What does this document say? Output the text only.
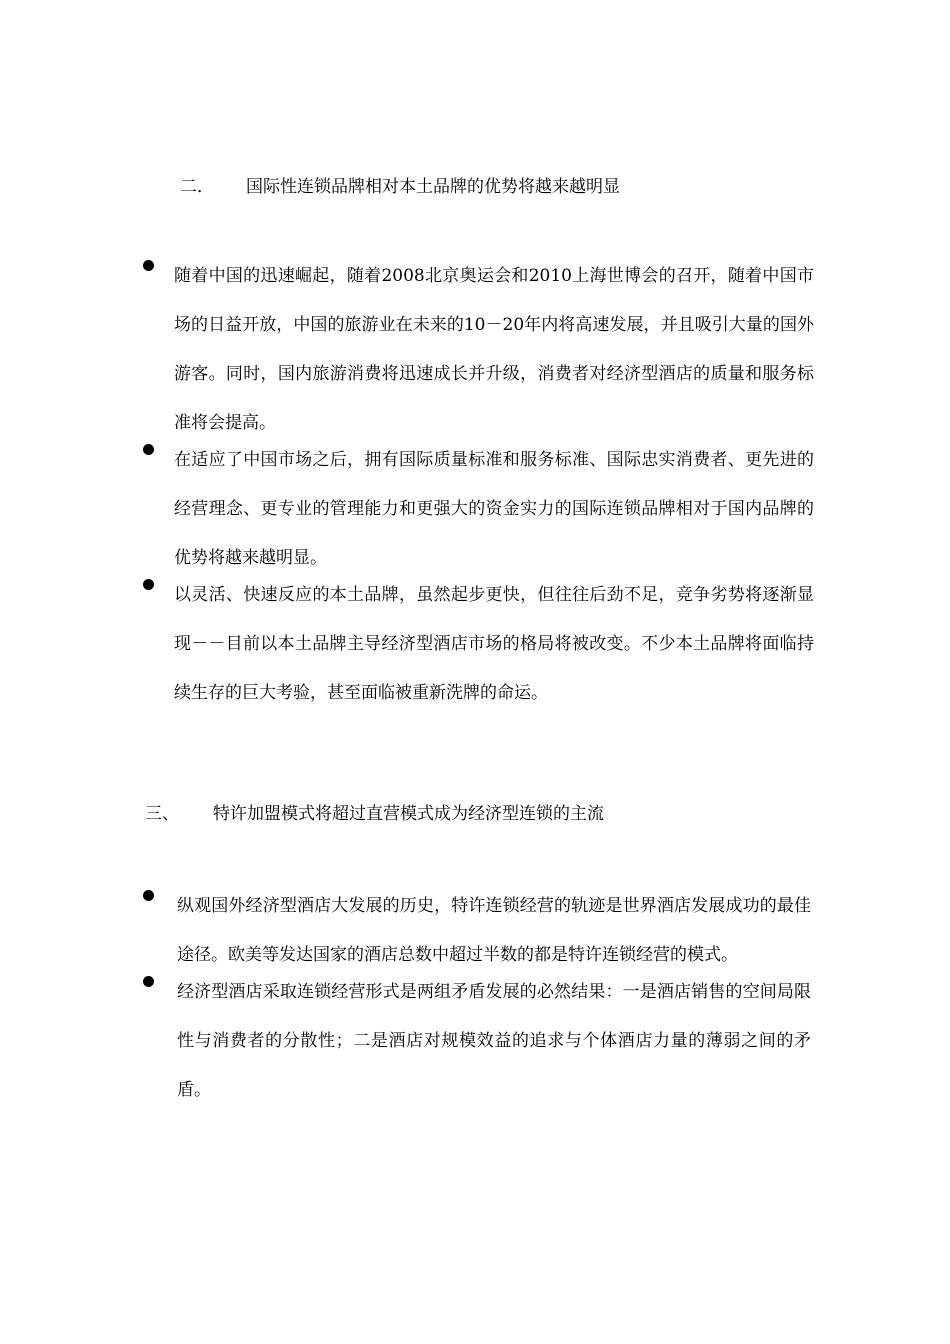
二． 国际性连锁品牌相对本土品牌的优势将越来越明显
随着中国的迅速崛起，随着2008北京奥运会和2010上海世博会的召开，随着中国市场的日益开放，中国的旅游业在未来的10－20年内将高速发展，并且吸引大量的国外游客。同时，国内旅游消费将迅速成长并升级，消费者对经济型酒店的质量和服务标准将会提高。
在适应了中国市场之后，拥有国际质量标准和服务标准、国际忠实消费者、更先进的经营理念、更专业的管理能力和更强大的资金实力的国际连锁品牌相对于国内品牌的优势将越来越明显。
以灵活、快速反应的本土品牌，虽然起步更快，但往往后劲不足，竞争劣势将逐渐显现－－目前以本土品牌主导经济型酒店市场的格局将被改变。不少本土品牌将面临持续生存的巨大考验，甚至面临被重新洗牌的命运。
三、 特许加盟模式将超过直营模式成为经济型连锁的主流
纵观国外经济型酒店大发展的历史，特许连锁经营的轨迹是世界酒店发展成功的最佳途径。欧美等发达国家的酒店总数中超过半数的都是特许连锁经营的模式。
经济型酒店采取连锁经营形式是两组矛盾发展的必然结果：一是酒店销售的空间局限性与消费者的分散性；二是酒店对规模效益的追求与个体酒店力量的薄弱之间的矛盾。
